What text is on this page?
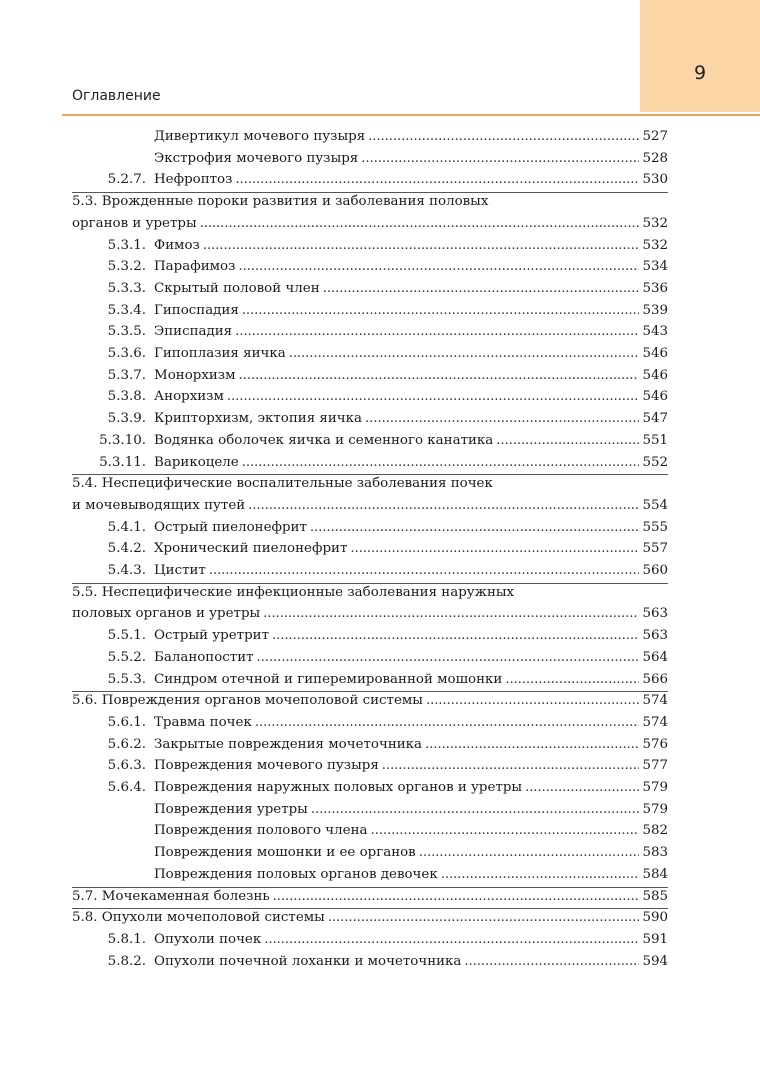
9
Оглавление
Дивертикул мочевого пузыря . . .	527
Экстрофия мочевого пузыря . . .	528
5.2.7. Нефроптоз . . .	530
5.3. Врожденные пороки развития и заболевания половых
органов и уретры . . .	532
5.3.1. Фимоз . . .	532
5.3.2. Парафимоз . . .	534
5.3.3. Скрытый половой член . . .	536
5.3.4. Гипоспадия . . .	539
5.3.5. Эписпадия . . .	543
5.3.6. Гипоплазия яичка . . .	546
5.3.7. Монорхизм . . .	546
5.3.8. Анорхизм . . .	546
5.3.9. Крипторхизм, эктопия яичка . . .	547
5.3.10. Водянка оболочек яичка и семенного канатика . . .	551
5.3.11. Варикоцеле . . .	552
5.4. Неспецифические воспалительные заболевания почек
и мочевыводящих путей . . .	554
5.4.1. Острый пиелонефрит . . .	555
5.4.2. Хронический пиелонефрит . . .	557
5.4.3. Цистит . . .	560
5.5. Неспецифические инфекционные заболевания наружных
половых органов и уретры . . .	563
5.5.1. Острый уретрит . . .	563
5.5.2. Баланопостит . . .	564
5.5.3. Синдром отечной и гиперемированной мошонки . . .	566
5.6. Повреждения органов мочеполовой системы . . .	574
5.6.1. Травма почек . . .	574
5.6.2. Закрытые повреждения мочеточника . . .	576
5.6.3. Повреждения мочевого пузыря . . .	577
5.6.4. Повреждения наружных половых органов и уретры . . .	579
Повреждения уретры . . .	579
Повреждения полового члена . . .	582
Повреждения мошонки и ее органов . . .	583
Повреждения половых органов девочек . . .	584
5.7. Мочекаменная болезнь . . .	585
5.8. Опухоли мочеполовой системы . . .	590
5.8.1. Опухоли почек . . .	591
5.8.2. Опухоли почечной лоханки и мочеточника . . .	594
